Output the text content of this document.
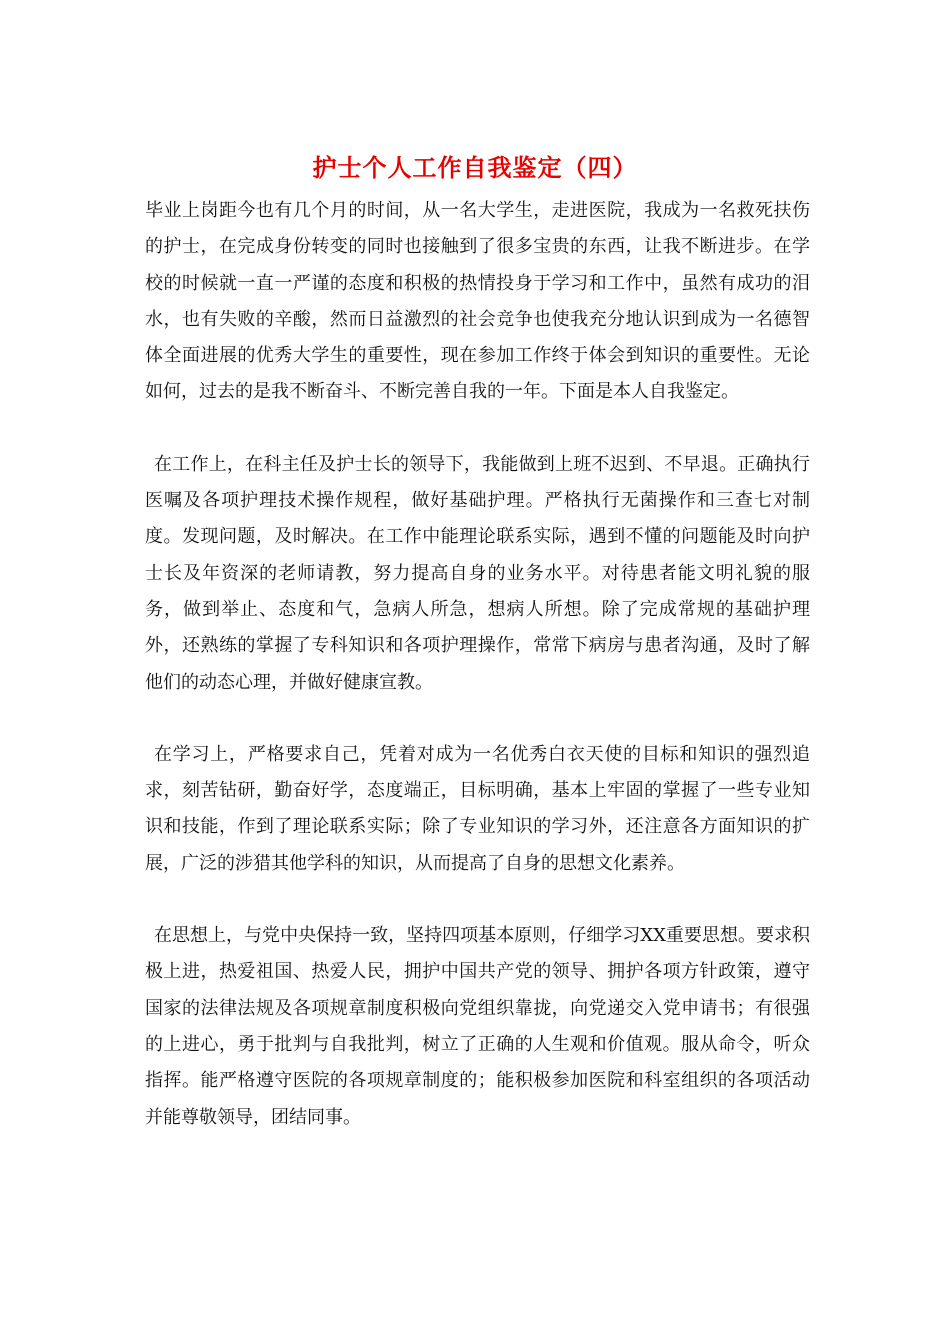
护士个人工作自我鉴定（四）

毕业上岗距今也有几个月的时间，从一名大学生，走进医院，我成为一名救死扶伤的护士，在完成身份转变的同时也接触到了很多宝贵的东西，让我不断进步。在学校的时候就一直一严谨的态度和积极的热情投身于学习和工作中，虽然有成功的泪水，也有失败的辛酸，然而日益激烈的社会竞争也使我充分地认识到成为一名德智体全面进展的优秀大学生的重要性，现在参加工作终于体会到知识的重要性。无论如何，过去的是我不断奋斗、不断完善自我的一年。下面是本人自我鉴定。

在工作上，在科主任及护士长的领导下，我能做到上班不迟到、不早退。正确执行医嘱及各项护理技术操作规程，做好基础护理。严格执行无菌操作和三查七对制度。发现问题，及时解决。在工作中能理论联系实际，遇到不懂的问题能及时向护士长及年资深的老师请教，努力提高自身的业务水平。对待患者能文明礼貌的服务，做到举止、态度和气，急病人所急，想病人所想。除了完成常规的基础护理外，还熟练的掌握了专科知识和各项护理操作，常常下病房与患者沟通，及时了解他们的动态心理，并做好健康宣教。

在学习上，严格要求自己，凭着对成为一名优秀白衣天使的目标和知识的强烈追求，刻苦钻研，勤奋好学，态度端正，目标明确，基本上牢固的掌握了一些专业知识和技能，作到了理论联系实际；除了专业知识的学习外，还注意各方面知识的扩展，广泛的涉猎其他学科的知识，从而提高了自身的思想文化素养。

在思想上，与党中央保持一致，坚持四项基本原则，仔细学习XX重要思想。要求积极上进，热爱祖国、热爱人民，拥护中国共产党的领导、拥护各项方针政策，遵守国家的法律法规及各项规章制度积极向党组织靠拢，向党递交入党申请书；有很强的上进心，勇于批判与自我批判，树立了正确的人生观和价值观。服从命令，听众指挥。能严格遵守医院的各项规章制度的；能积极参加医院和科室组织的各项活动并能尊敬领导，团结同事。
